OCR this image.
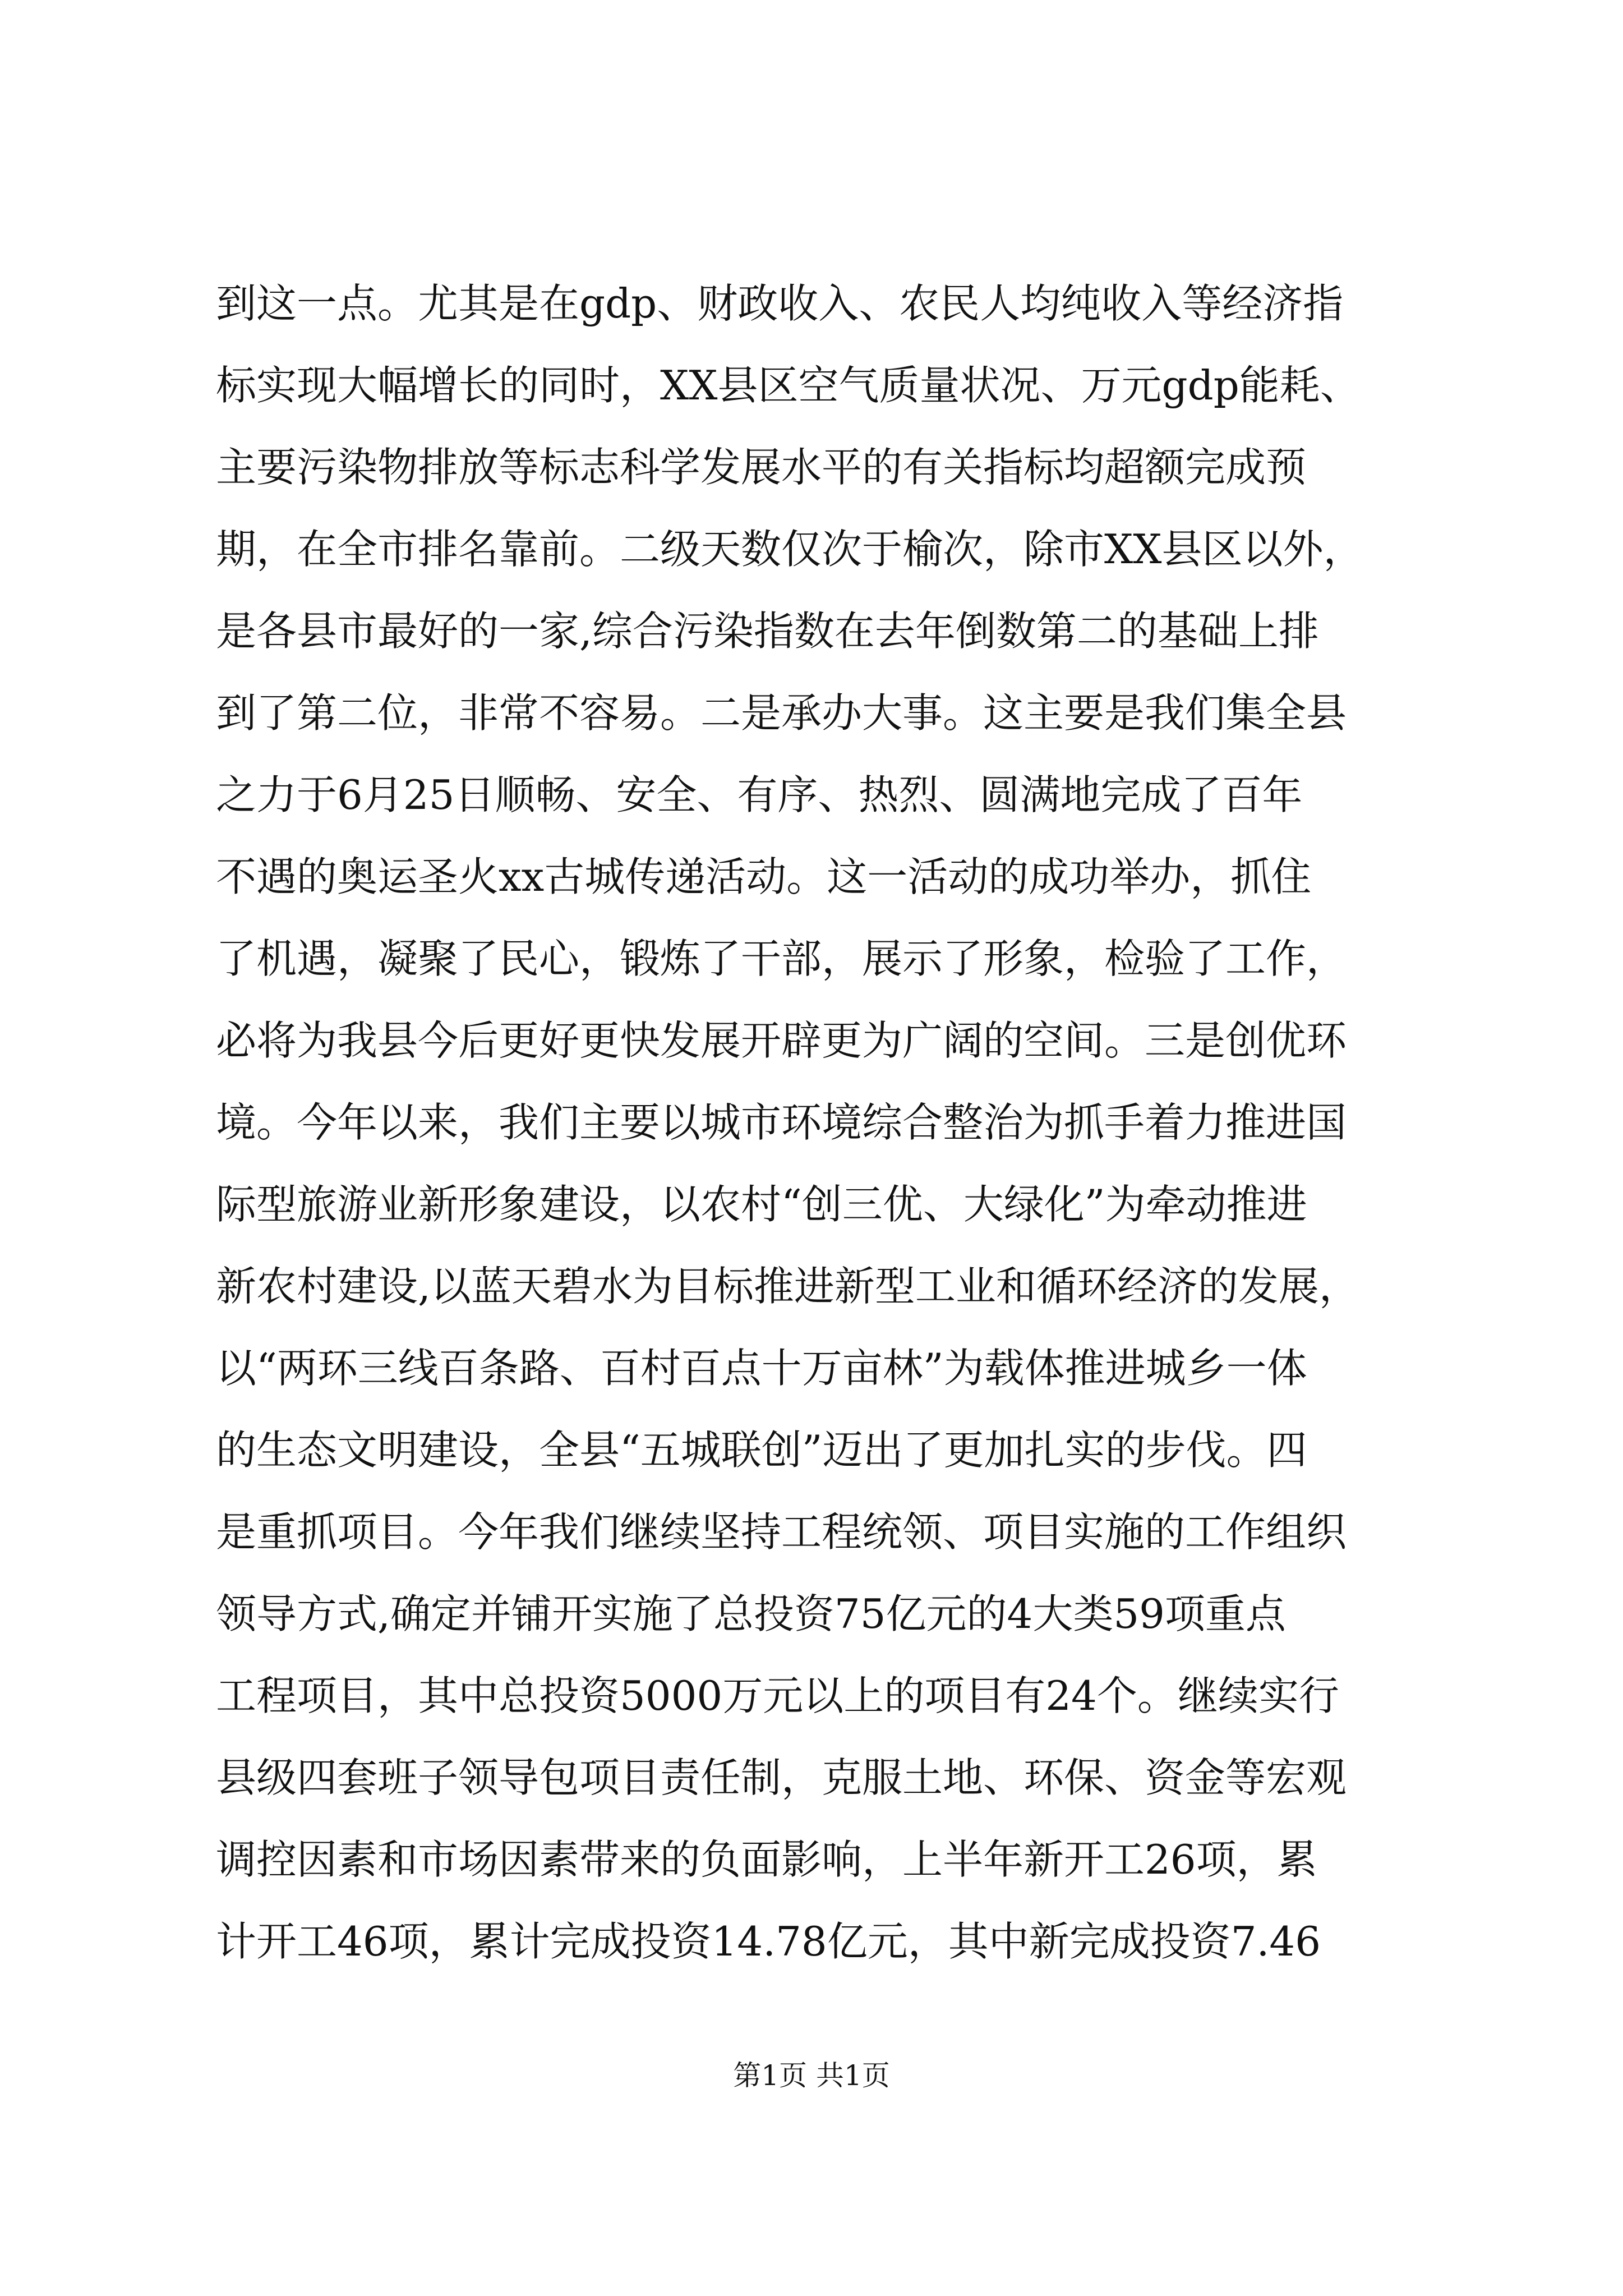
到这一点。尤其是在gdp、财政收入、农民人均纯收入等经济指
标实现大幅增长的同时，XX县区空气质量状况、万元gdp能耗、
主要污染物排放等标志科学发展水平的有关指标均超额完成预
期，在全市排名靠前。二级天数仅次于榆次，除市XX县区以外，
是各县市最好的一家,综合污染指数在去年倒数第二的基础上排
到了第二位，非常不容易。二是承办大事。这主要是我们集全县
之力于6月25日顺畅、安全、有序、热烈、圆满地完成了百年
不遇的奥运圣火xx古城传递活动。这一活动的成功举办，抓住
了机遇，凝聚了民心，锻炼了干部，展示了形象，检验了工作，
必将为我县今后更好更快发展开辟更为广阔的空间。三是创优环
境。今年以来，我们主要以城市环境综合整治为抓手着力推进国
际型旅游业新形象建设，以农村“创三优、大绿化”为牵动推进
新农村建设,以蓝天碧水为目标推进新型工业和循环经济的发展，
以“两环三线百条路、百村百点十万亩林”为载体推进城乡一体
的生态文明建设，全县“五城联创”迈出了更加扎实的步伐。四
是重抓项目。今年我们继续坚持工程统领、项目实施的工作组织
领导方式,确定并铺开实施了总投资75亿元的4大类59项重点
工程项目，其中总投资5000万元以上的项目有24个。继续实行
县级四套班子领导包项目责任制，克服土地、环保、资金等宏观
调控因素和市场因素带来的负面影响，上半年新开工26项，累
计开工46项，累计完成投资14.78亿元，其中新完成投资7.46
第1页 共1页
